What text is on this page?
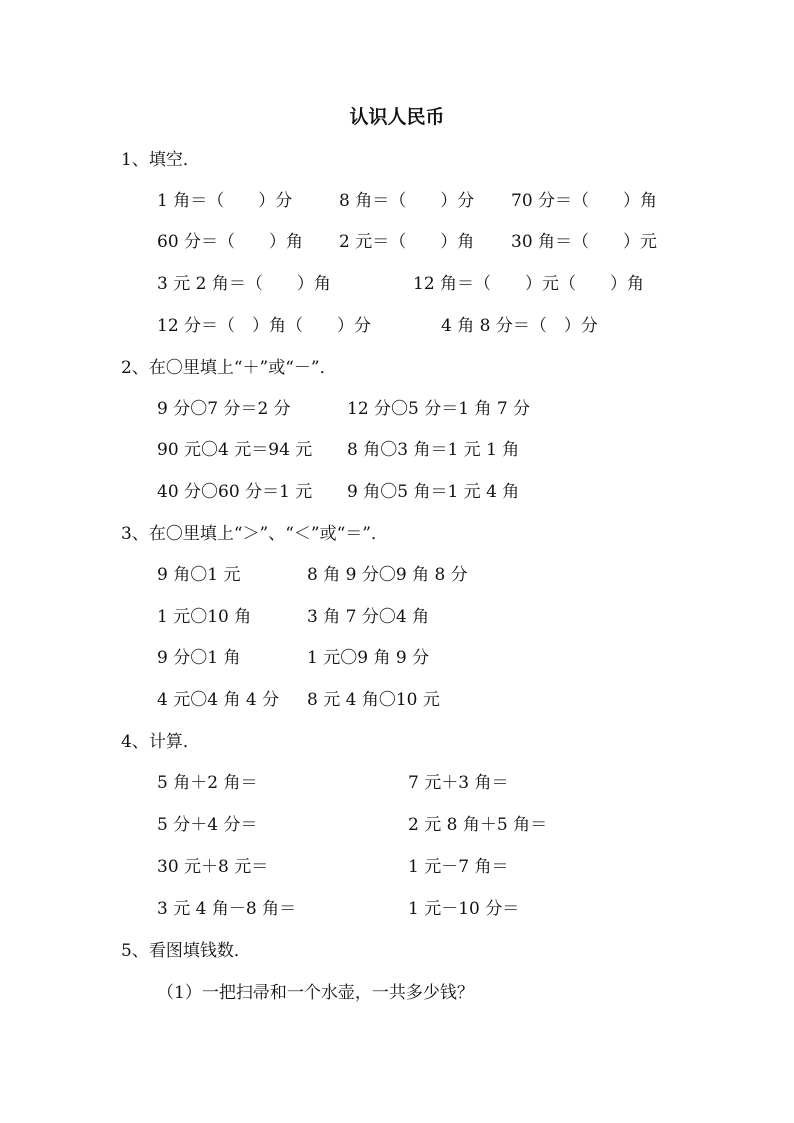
认识人民币
1、填空．
1 角＝（　　）分	8 角＝（　　）分 70 分＝（　　）角
60 分＝（　　）角 2 元＝（　　）角 30 角＝（　　）元
3 元 2 角＝（　　）角	12 角＝（　　）元（　　）角
12 分＝（　）角（　　）分	4 角 8 分＝（　）分
2、在〇里填上“＋”或“－”．
9 分〇7 分＝2 分	12 分〇5 分＝1 角 7 分
90 元〇4 元＝94 元 8 角〇3 角＝1 元 1 角
40 分〇60 分＝1 元 9 角〇5 角＝1 元 4 角
3、在〇里填上“＞”、“＜”或“＝”．
9 角〇1 元	8 角 9 分〇9 角 8 分
1 元〇10 角	3 角 7 分〇4 角
9 分〇1 角	1 元〇9 角 9 分
4 元〇4 角 4 分 8 元 4 角〇10 元
4、计算．
5 角＋2 角＝	7 元＋3 角＝
5 分＋4 分＝	2 元 8 角＋5 角＝
30 元＋8 元＝	1 元－7 角＝
3 元 4 角－8 角＝	1 元－10 分＝
5、看图填钱数．
（1）一把扫帚和一个水壶，一共多少钱？
